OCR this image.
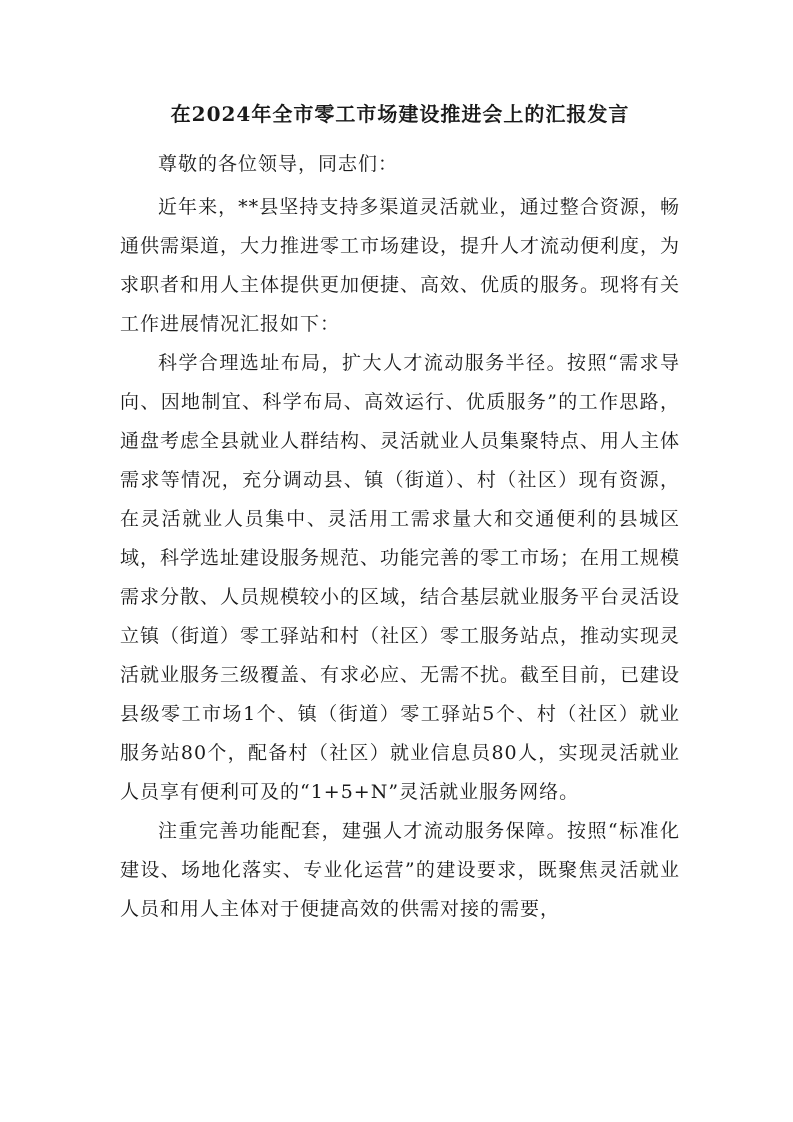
在2024年全市零工市场建设推进会上的汇报发言

尊敬的各位领导，同志们：

近年来，**县坚持支持多渠道灵活就业，通过整合资源，畅通供需渠道，大力推进零工市场建设，提升人才流动便利度，为求职者和用人主体提供更加便捷、高效、优质的服务。现将有关工作进展情况汇报如下：

科学合理选址布局，扩大人才流动服务半径。按照“需求导向、因地制宜、科学布局、高效运行、优质服务”的工作思路，通盘考虑全县就业人群结构、灵活就业人员集聚特点、用人主体需求等情况，充分调动县、镇（街道）、村（社区）现有资源，在灵活就业人员集中、灵活用工需求量大和交通便利的县城区域，科学选址建设服务规范、功能完善的零工市场；在用工规模需求分散、人员规模较小的区域，结合基层就业服务平台灵活设立镇（街道）零工驿站和村（社区）零工服务站点，推动实现灵活就业服务三级覆盖、有求必应、无需不扰。截至目前，已建设县级零工市场1个、镇（街道）零工驿站5个、村（社区）就业服务站80个，配备村（社区）就业信息员80人，实现灵活就业人员享有便利可及的“1+5+N”灵活就业服务网络。

注重完善功能配套，建强人才流动服务保障。按照“标准化建设、场地化落实、专业化运营”的建设要求，既聚焦灵活就业人员和用人主体对于便捷高效的供需对接的需要，
